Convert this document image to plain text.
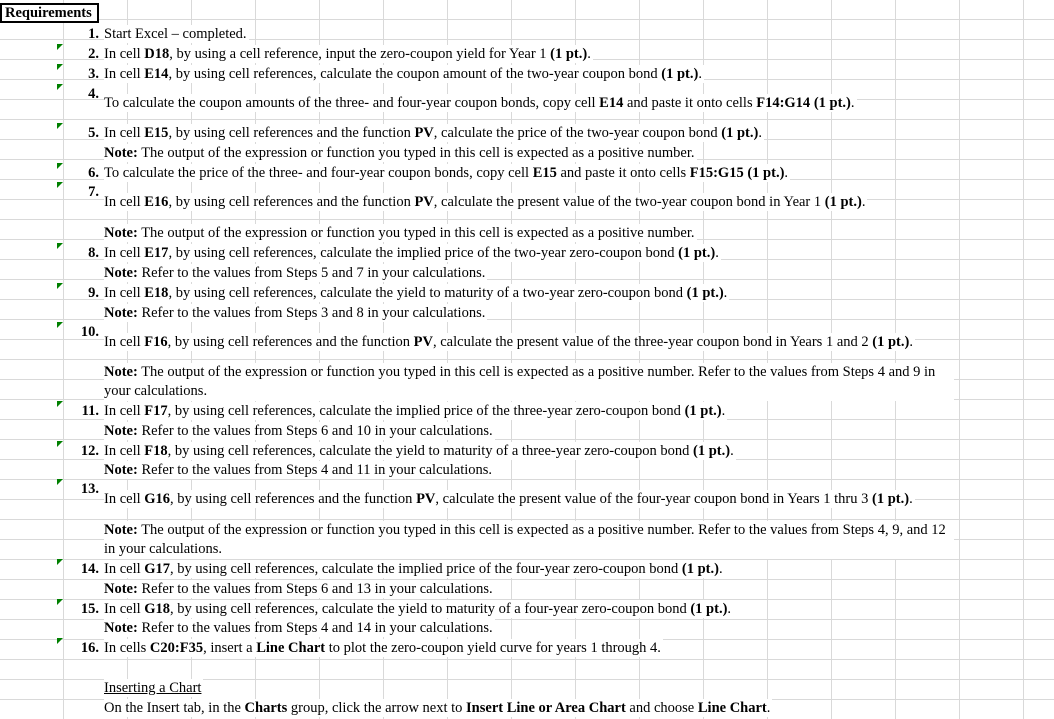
Requirements
1. Start Excel – completed.
2. In cell D18, by using a cell reference, input the zero-coupon yield for Year 1 (1 pt.).
3. In cell E14, by using cell references, calculate the coupon amount of the two-year coupon bond (1 pt.).
4.
To calculate the coupon amounts of the three- and four-year coupon bonds, copy cell E14 and paste it onto cells F14:G14 (1 pt.).
5. In cell E15, by using cell references and the function PV, calculate the price of the two-year coupon bond (1 pt.).
Note: The output of the expression or function you typed in this cell is expected as a positive number.
6. To calculate the price of the three- and four-year coupon bonds, copy cell E15 and paste it onto cells F15:G15 (1 pt.).
7.
In cell E16, by using cell references and the function PV, calculate the present value of the two-year coupon bond in Year 1 (1 pt.).
Note: The output of the expression or function you typed in this cell is expected as a positive number.
8. In cell E17, by using cell references, calculate the implied price of the two-year zero-coupon bond (1 pt.).
Note: Refer to the values from Steps 5 and 7 in your calculations.
9. In cell E18, by using cell references, calculate the yield to maturity of a two-year zero-coupon bond (1 pt.).
Note: Refer to the values from Steps 3 and 8 in your calculations.
10.
In cell F16, by using cell references and the function PV, calculate the present value of the three-year coupon bond in Years 1 and 2 (1 pt.).
Note: The output of the expression or function you typed in this cell is expected as a positive number. Refer to the values from Steps 4 and 9 in your calculations.
11. In cell F17, by using cell references, calculate the implied price of the three-year zero-coupon bond (1 pt.).
Note: Refer to the values from Steps 6 and 10 in your calculations.
12. In cell F18, by using cell references, calculate the yield to maturity of a three-year zero-coupon bond (1 pt.).
Note: Refer to the values from Steps 4 and 11 in your calculations.
13.
In cell G16, by using cell references and the function PV, calculate the present value of the four-year coupon bond in Years 1 thru 3 (1 pt.).
Note: The output of the expression or function you typed in this cell is expected as a positive number. Refer to the values from Steps 4, 9, and 12 in your calculations.
14. In cell G17, by using cell references, calculate the implied price of the four-year zero-coupon bond (1 pt.).
Note: Refer to the values from Steps 6 and 13 in your calculations.
15. In cell G18, by using cell references, calculate the yield to maturity of a four-year zero-coupon bond (1 pt.).
Note: Refer to the values from Steps 4 and 14 in your calculations.
16. In cells C20:F35, insert a Line Chart to plot the zero-coupon yield curve for years 1 through 4.
Inserting a Chart
On the Insert tab, in the Charts group, click the arrow next to Insert Line or Area Chart and choose Line Chart.
